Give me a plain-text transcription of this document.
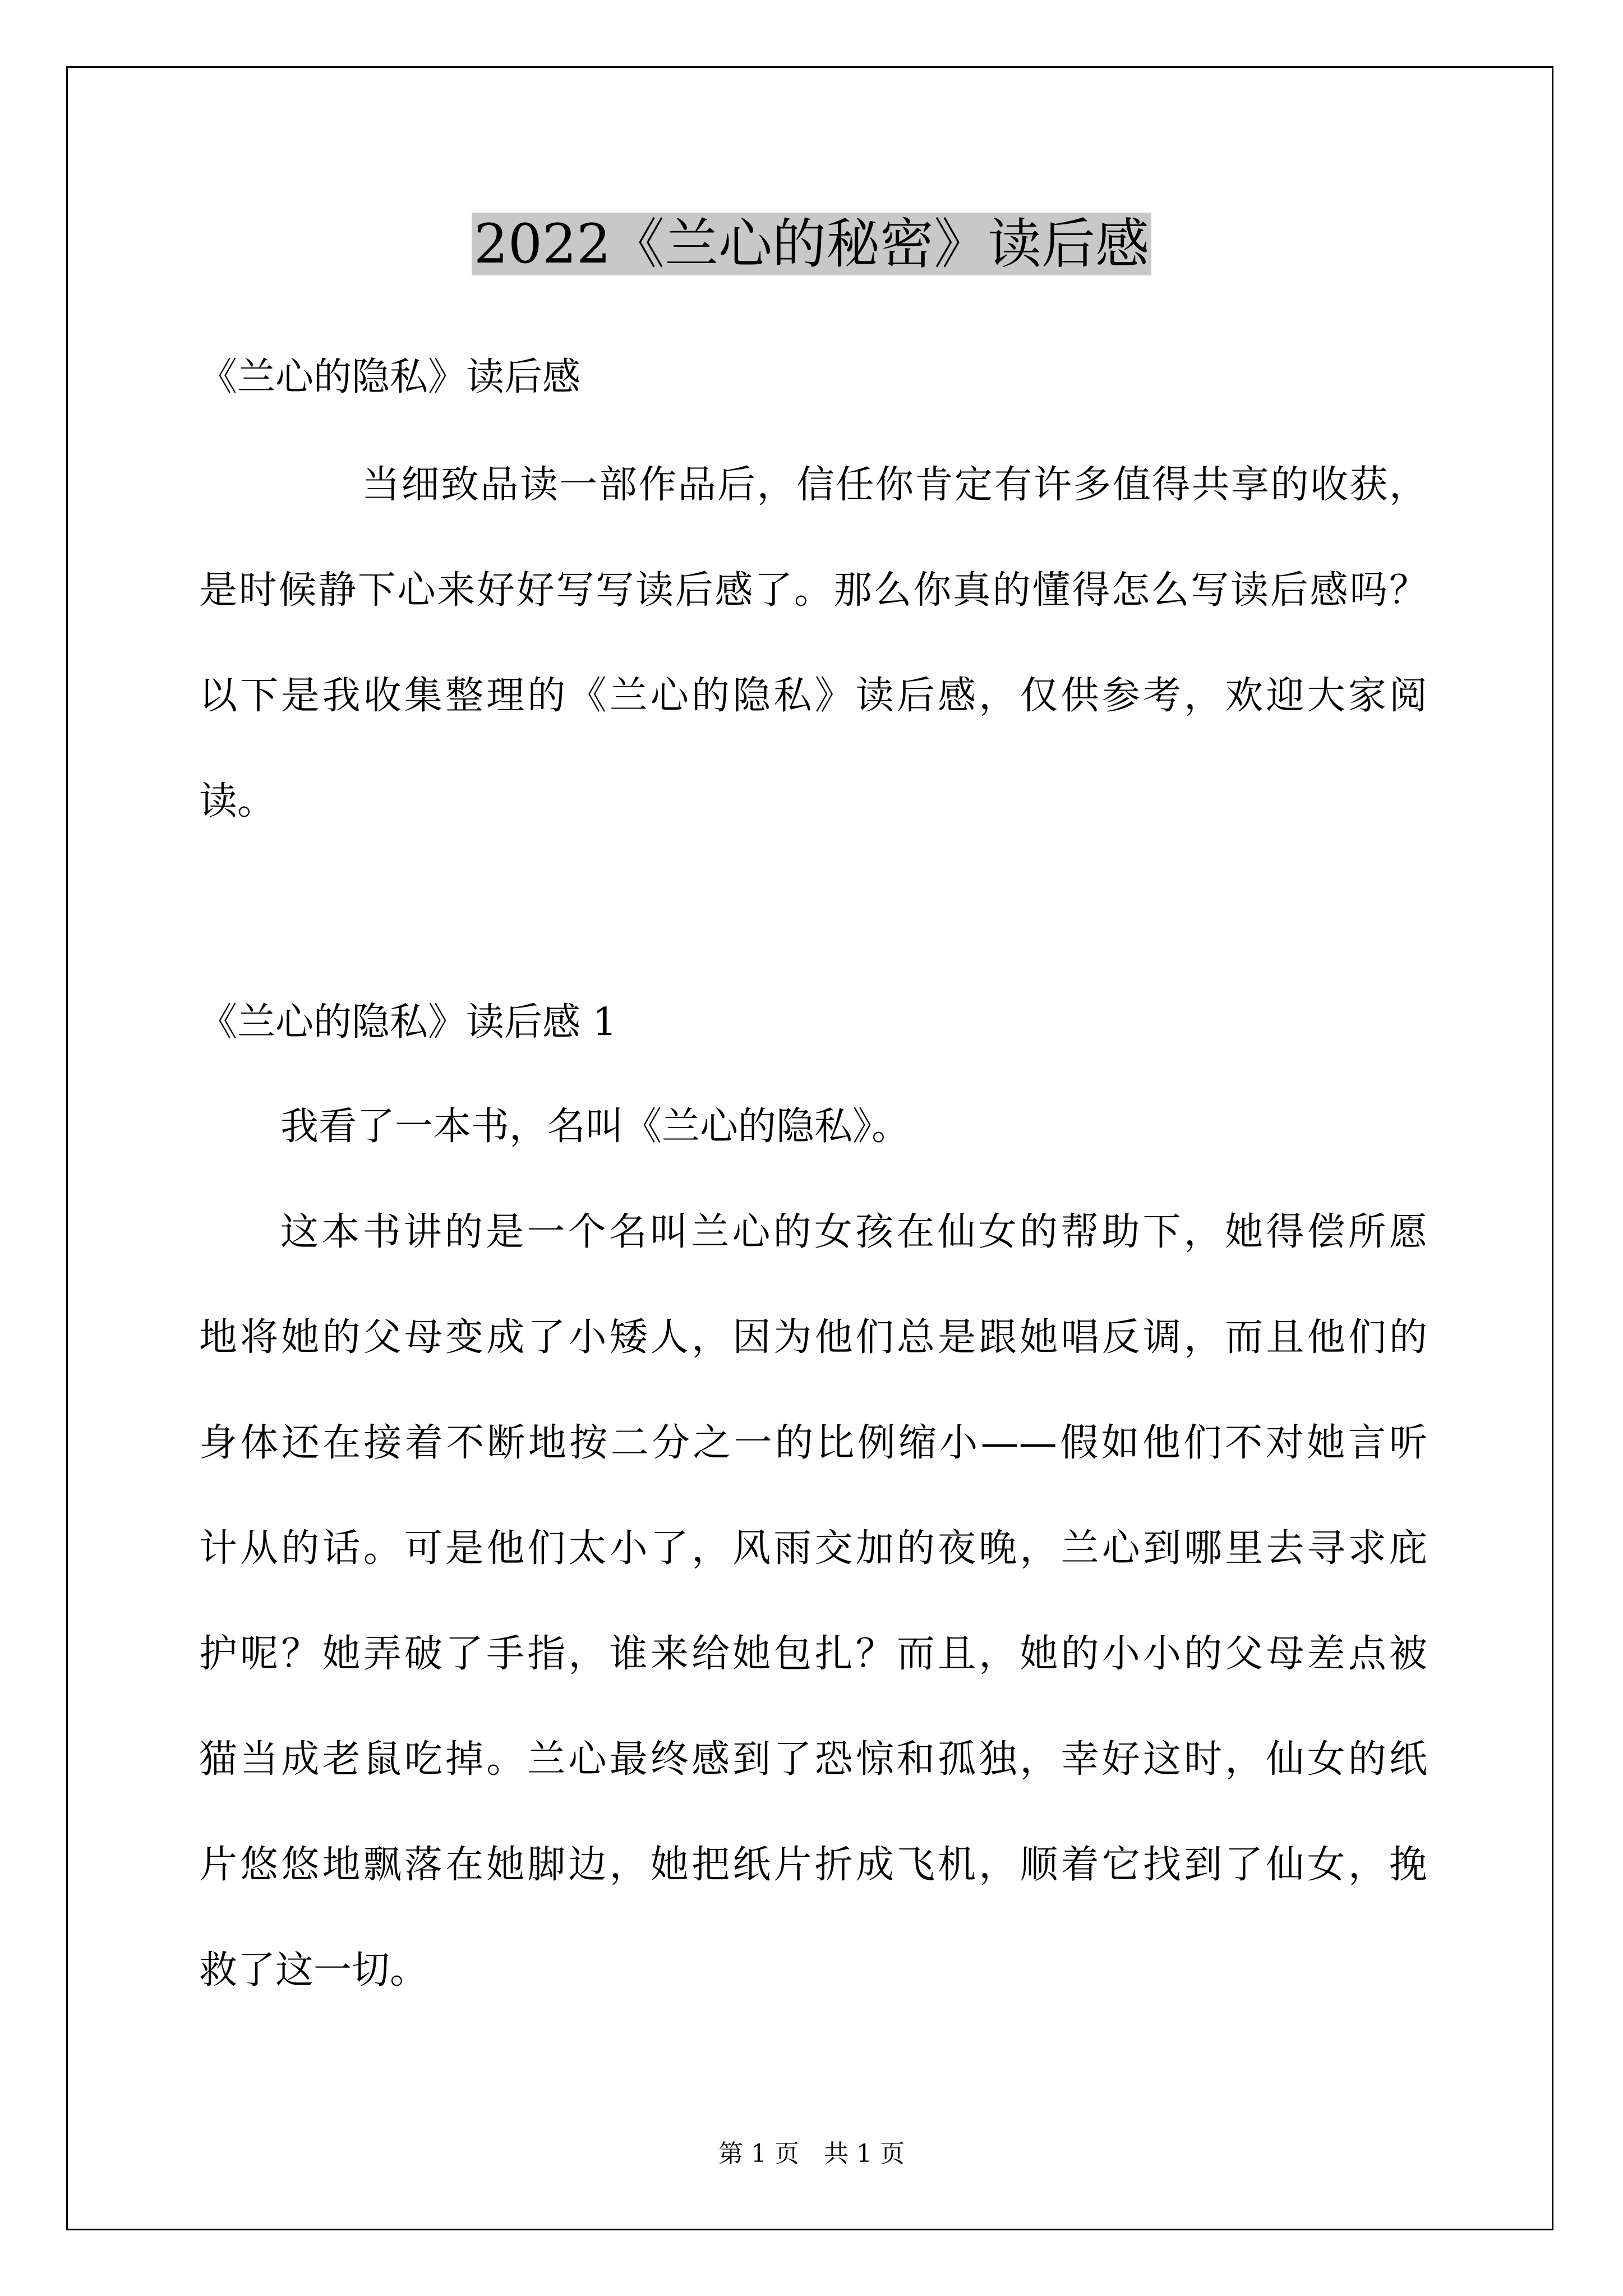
2022《兰心的秘密》读后感
《兰心的隐私》读后感
当细致品读一部作品后，信任你肯定有许多值得共享的收获，
是时候静下心来好好写写读后感了。那么你真的懂得怎么写读后感吗？
以下是我收集整理的《兰心的隐私》读后感，仅供参考，欢迎大家阅
读。
《兰心的隐私》读后感 1
我看了一本书，名叫《兰心的隐私》。
这本书讲的是一个名叫兰心的女孩在仙女的帮助下，她得偿所愿
地将她的父母变成了小矮人，因为他们总是跟她唱反调，而且他们的
身体还在接着不断地按二分之一的比例缩小——假如他们不对她言听
计从的话。可是他们太小了，风雨交加的夜晚，兰心到哪里去寻求庇
护呢？她弄破了手指，谁来给她包扎？而且，她的小小的父母差点被
猫当成老鼠吃掉。兰心最终感到了恐惊和孤独，幸好这时，仙女的纸
片悠悠地飘落在她脚边，她把纸片折成飞机，顺着它找到了仙女，挽
救了这一切。
第 1 页　共 1 页
